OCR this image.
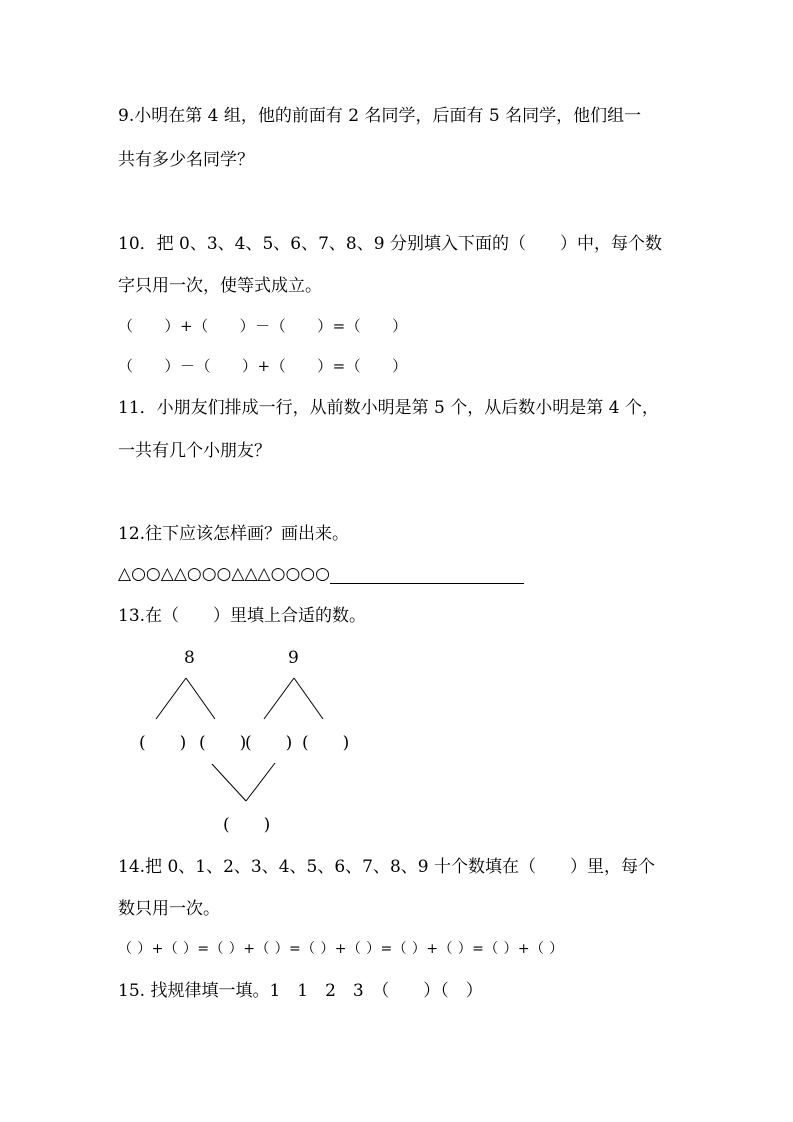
9.小明在第 4 组，他的前面有 2 名同学，后面有 5 名同学，他们组一
共有多少名同学？
10．把 0、3、4、5、6、7、8、9 分别填入下面的（　　）中，每个数
字只用一次，使等式成立。
（　　）+（　　）－（　　）=（　　）
（　　）－（　　）+（　　）=（　　）
11．小朋友们排成一行，从前数小明是第 5 个，从后数小明是第 4 个，
一共有几个小朋友？
12.往下应该怎样画？画出来。
△○○△△○○○△△△○○○○
13.在（　　）里填上合适的数。
8	9
(　　) (　　)
(　　) (　　)
(　　)
14.把 0、1、2、3、4、5、6、7、8、9 十个数填在（　　）里，每个
数只用一次。
（ ）+（ ）=（ ）+（ ）=（ ）+（ ）=（ ）+（ ）=（ ）+（ ）
15. 找规律填一填。1　1　2　3　（　　）（　）
